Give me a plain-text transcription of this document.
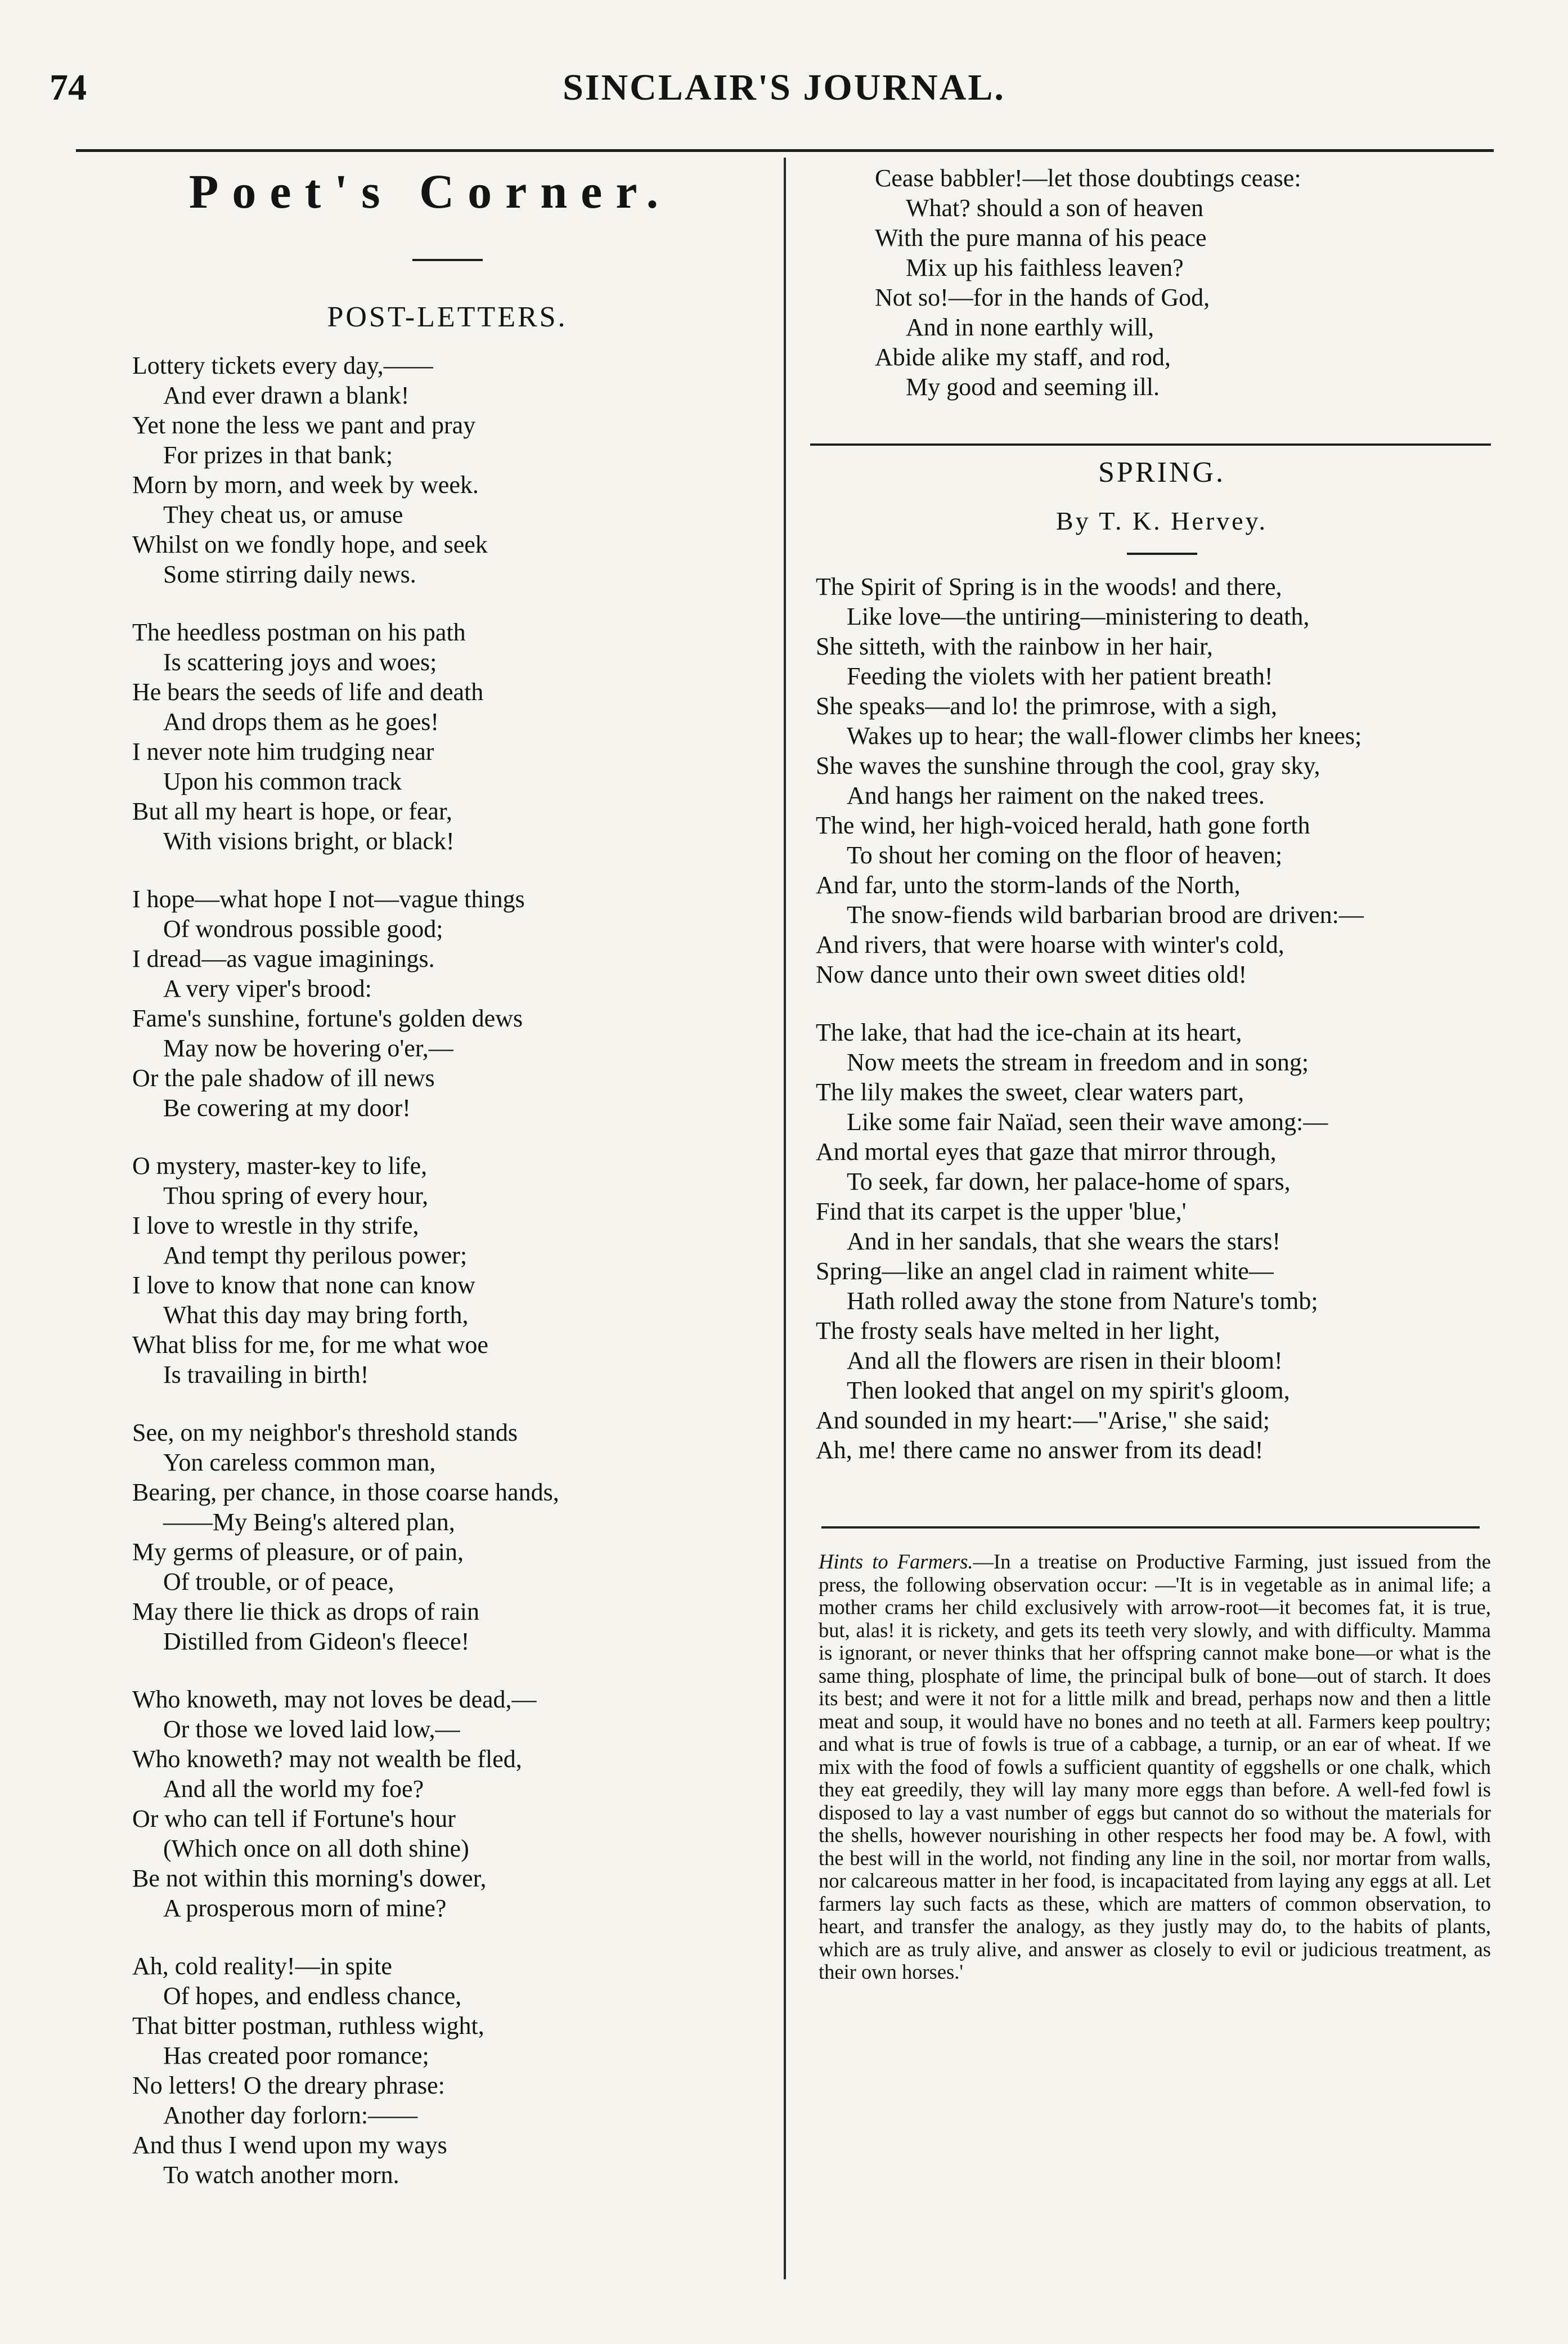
74	SINCLAIR'S JOURNAL.
Poet's Corner.
POST-LETTERS.
Lottery tickets every day,——
And ever drawn a blank!
Yet none the less we pant and pray
For prizes in that bank;
Morn by morn, and week by week.
They cheat us, or amuse
Whilst on we fondly hope, and seek
Some stirring daily news.
The heedless postman on his path
Is scattering joys and woes;
He bears the seeds of life and death
And drops them as he goes!
I never note him trudging near
Upon his common track
But all my heart is hope, or fear,
With visions bright, or black!
I hope—what hope I not—vague things
Of wondrous possible good;
I dread—as vague imaginings.
A very viper's brood:
Fame's sunshine, fortune's golden dews
May now be hovering o'er,—
Or the pale shadow of ill news
Be cowering at my door!
O mystery, master-key to life,
Thou spring of every hour,
I love to wrestle in thy strife,
And tempt thy perilous power;
I love to know that none can know
What this day may bring forth,
What bliss for me, for me what woe
Is travailing in birth!
See, on my neighbor's threshold stands
Yon careless common man,
Bearing, per chance, in those coarse hands,
——My Being's altered plan,
My germs of pleasure, or of pain,
Of trouble, or of peace,
May there lie thick as drops of rain
Distilled from Gideon's fleece!
Who knoweth, may not loves be dead,—
Or those we loved laid low,—
Who knoweth? may not wealth be fled,
And all the world my foe?
Or who can tell if Fortune's hour
(Which once on all doth shine)
Be not within this morning's dower,
A prosperous morn of mine?
Ah, cold reality!—in spite
Of hopes, and endless chance,
That bitter postman, ruthless wight,
Has created poor romance;
No letters! O the dreary phrase:
Another day forlorn:——
And thus I wend upon my ways
To watch another morn.
Cease babbler!—let those doubtings cease:
What? should a son of heaven
With the pure manna of his peace
Mix up his faithless leaven?
Not so!—for in the hands of God,
And in none earthly will,
Abide alike my staff, and rod,
My good and seeming ill.
SPRING.
By T. K. Hervey.
The Spirit of Spring is in the woods! and there,
Like love—the untiring—ministering to death,
She sitteth, with the rainbow in her hair,
Feeding the violets with her patient breath!
She speaks—and lo! the primrose, with a sigh,
Wakes up to hear; the wall-flower climbs her knees;
She waves the sunshine through the cool, gray sky,
And hangs her raiment on the naked trees.
The wind, her high-voiced herald, hath gone forth
To shout her coming on the floor of heaven;
And far, unto the storm-lands of the North,
The snow-fiends wild barbarian brood are driven:—
And rivers, that were hoarse with winter's cold,
Now dance unto their own sweet dities old!
The lake, that had the ice-chain at its heart,
Now meets the stream in freedom and in song;
The lily makes the sweet, clear waters part,
Like some fair Naïad, seen their wave among:—
And mortal eyes that gaze that mirror through,
To seek, far down, her palace-home of spars,
Find that its carpet is the upper 'blue,'
And in her sandals, that she wears the stars!
Spring—like an angel clad in raiment white—
Hath rolled away the stone from Nature's tomb;
The frosty seals have melted in her light,
And all the flowers are risen in their bloom!
Then looked that angel on my spirit's gloom,
And sounded in my heart:—"Arise," she said;
Ah, me! there came no answer from its dead!
Hints to Farmers.—In a treatise on Productive Farming, just issued from the press, the following observation occur: —'It is in vegetable as in animal life; a mother crams her child exclusively with arrow-root—it becomes fat, it is true, but, alas! it is rickety, and gets its teeth very slowly, and with difficulty. Mamma is ignorant, or never thinks that her offspring cannot make bone—or what is the same thing, plosphate of lime, the principal bulk of bone—out of starch. It does its best; and were it not for a little milk and bread, perhaps now and then a little meat and soup, it would have no bones and no teeth at all. Farmers keep poultry; and what is true of fowls is true of a cabbage, a turnip, or an ear of wheat. If we mix with the food of fowls a sufficient quantity of eggshells or one chalk, which they eat greedily, they will lay many more eggs than before. A well-fed fowl is disposed to lay a vast number of eggs but cannot do so without the materials for the shells, however nourishing in other respects her food may be. A fowl, with the best will in the world, not finding any line in the soil, nor mortar from walls, nor calcareous matter in her food, is incapacitated from laying any eggs at all. Let farmers lay such facts as these, which are matters of common observation, to heart, and transfer the analogy, as they justly may do, to the habits of plants, which are as truly alive, and answer as closely to evil or judicious treatment, as their own horses.'
